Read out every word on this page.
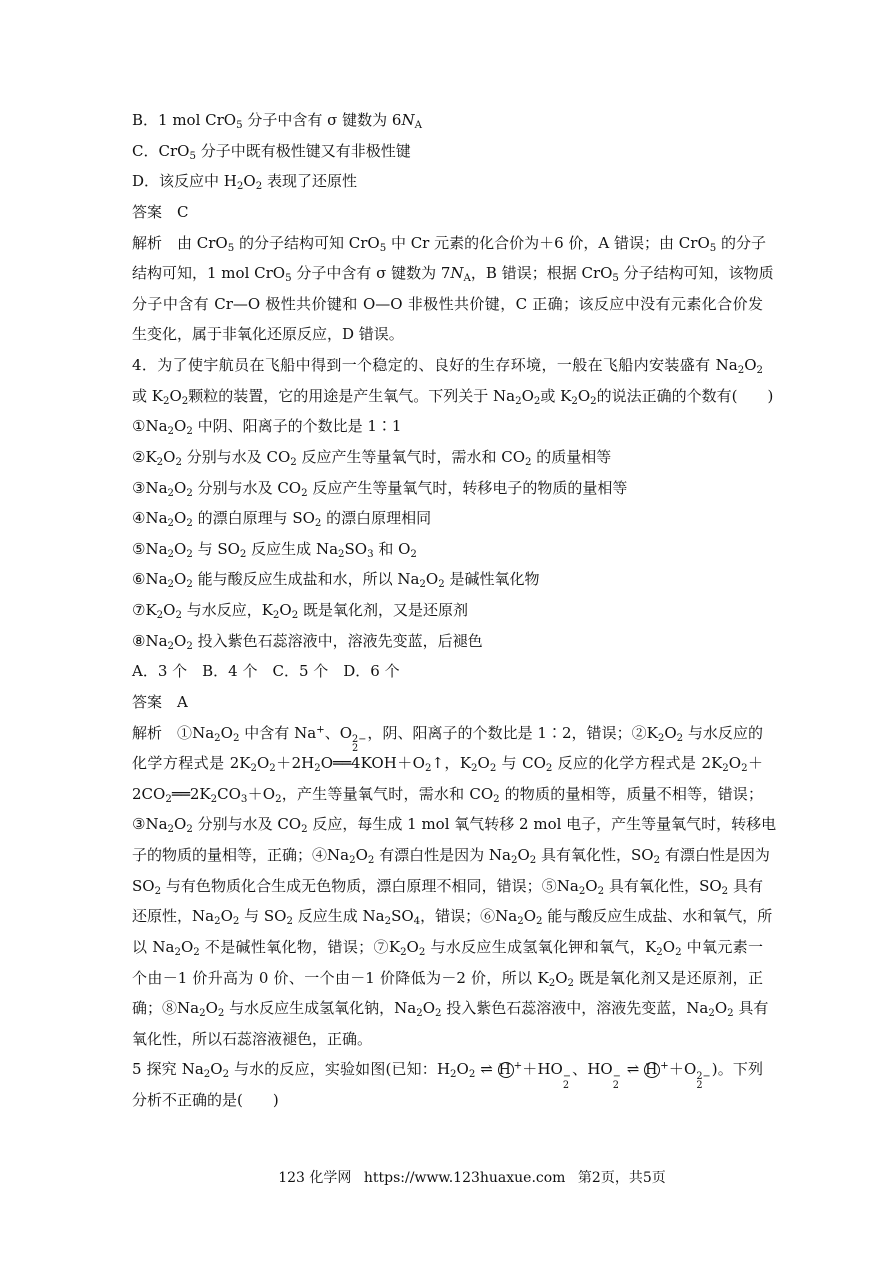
B．1 mol CrO$_5$ 分子中含有 σ 键数为 $6N_A$
C．CrO$_5$ 分子中既有极性键又有非极性键
D．该反应中 $H_2O_2$ 表现了还原性
答案　C
解析　由 CrO$_5$ 的分子结构可知 CrO$_5$ 中 Cr 元素的化合价为＋6 价，A 错误；由 CrO$_5$ 的分子
结构可知，1 mol CrO$_5$ 分子中含有 σ 键数为 $7N_A$，B 错误；根据 CrO$_5$ 分子结构可知，该物质
分子中含有 Cr—O 极性共价键和 O—O 非极性共价键，C 正确；该反应中没有元素化合价发
生变化，属于非氧化还原反应，D 错误。
4．为了使宇航员在飞船中得到一个稳定的、良好的生存环境，一般在飞船内安装盛有 $Na_2O_2$
或 $K_2O_2$颗粒的装置，它的用途是产生氧气。下列关于 $Na_2O_2$或 $K_2O_2$的说法正确的个数有(　　)
$①Na_2O_2$ 中阴、阳离子的个数比是 1∶1
$②K_2O_2$ 分别与水及 $CO_2$ 反应产生等量氧气时，需水和 $CO_2$ 的质量相等
$③Na_2O_2$ 分别与水及 $CO_2$ 反应产生等量氧气时，转移电子的物质的量相等
$④Na_2O_2$ 的漂白原理与 $SO_2$ 的漂白原理相同
$⑤Na_2O_2$ 与 $SO_2$ 反应生成 $Na_2SO_3$ 和 $O_2$
$⑥Na_2O_2$ 能与酸反应生成盐和水，所以 $Na_2O_2$ 是碱性氧化物
$⑦K_2O_2$ 与水反应，$K_2O_2$ 既是氧化剂，又是还原剂
$⑧Na_2O_2$ 投入紫色石蕊溶液中，溶液先变蓝，后褪色
A．3 个　B．4 个　C．5 个　D．6 个
答案　A
解析　$①Na_2O_2$ 中含有 Na+、O 2−
2
，阴、阳离子的个数比是 1∶2，错误；$②K_2O_2$ 与水反应的
化学方程式是 $2K_2O_2+2H_2O══4KOH+O_2↑$，$K_2O_2$ 与 $CO_2$ 反应的化学方程式是 $2K_2O_2+$
$2CO_2══2K_2CO_3+O_2$，产生等量氧气时，需水和 $CO_2$ 的物质的量相等，质量不相等，错误；
$③Na_2O_2$ 分别与水及 $CO_2$ 反应，每生成 1 mol 氧气转移 2 mol 电子，产生等量氧气时，转移电
子的物质的量相等，正确；$④Na_2O_2$ 有漂白性是因为 $Na_2O_2$ 具有氧化性，$SO_2$ 有漂白性是因为
$SO_2$ 与有色物质化合生成无色物质，漂白原理不相同，错误；$⑤Na_2O_2$ 具有氧化性，$SO_2$ 具有
还原性，$Na_2O_2$ 与 $SO_2$ 反应生成 $Na_2SO_4$，错误；$⑥Na_2O_2$ 能与酸反应生成盐、水和氧气，所
以 $Na_2O_2$ 不是碱性氧化物，错误；$⑦K_2O_2$ 与水反应生成氢氧化钾和氧气，$K_2O_2$ 中氧元素一
个由－1 价升高为 0 价、一个由－1 价降低为－2 价，所以 $K_2O_2$ 既是氧化剂又是还原剂，正
确；$⑧Na_2O_2$ 与水反应生成氢氧化钠，$Na_2O_2$ 投入紫色石蕊溶液中，溶液先变蓝，$Na_2O_2$ 具有
氧化性，所以石蕊溶液褪色，正确。
5 探究 $Na_2O_2$ 与水的反应，实验如图(已知：$H_2O_2$ ⇌ H +＋HO −
2
、HO −
2
⇌ H +＋O 2−
2
)。下列
分析不正确的是(　　)
123 化学网 https://www.123huaxue.com 第2页，共5页
